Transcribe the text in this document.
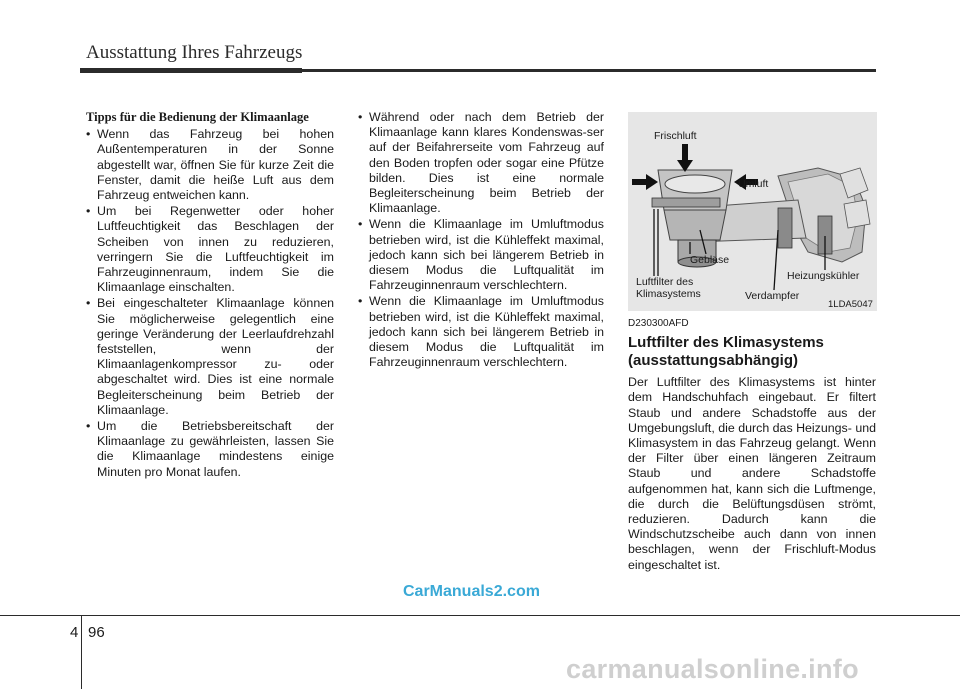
Ausstattung Ihres Fahrzeugs
Tipps für die Bedienung der Klimaanlage
• Wenn das Fahrzeug bei hohen Außentemperaturen in der Sonne abgestellt war, öffnen Sie für kurze Zeit die Fenster, damit die heiße Luft aus dem Fahrzeug entweichen kann.
• Um bei Regenwetter oder hoher Luftfeuchtigkeit das Beschlagen der Scheiben von innen zu reduzieren, verringern Sie die Luftfeuchtigkeit im Fahrzeuginnenraum, indem Sie die Klimaanlage einschalten.
• Bei eingeschalteter Klimaanlage können Sie möglicherweise gelegentlich eine geringe Veränderung der Leerlaufdrehzahl feststellen, wenn der Klimaanlagenkompressor zu- oder abgeschaltet wird. Dies ist eine normale Begleiterscheinung beim Betrieb der Klimaanlage.
• Um die Betriebsbereitschaft der Klimaanlage zu gewährleisten, lassen Sie die Klimaanlage mindestens einige Minuten pro Monat laufen.
• Während oder nach dem Betrieb der Klimaanlage kann klares Kondenswas-ser auf der Beifahrerseite vom Fahrzeug auf den Boden tropfen oder sogar eine Pfütze bilden. Dies ist eine normale Begleiterscheinung beim Betrieb der Klimaanlage.
• Wenn die Klimaanlage im Umluftmodus betrieben wird, ist die Kühleffekt maximal, jedoch kann sich bei längerem Betrieb in diesem Modus die Luftqualität im Fahrzeuginnenraum verschlechtern.
• Wenn die Klimaanlage im Umluftmodus betrieben wird, ist die Kühleffekt maximal, jedoch kann sich bei längerem Betrieb in diesem Modus die Luftqualität im Fahrzeuginnenraum verschlechtern.
Frischluft
Umluft
Gebläse
Luftfilter des
Klimasystems
Heizungskühler
Verdampfer
1LDA5047
D230300AFD
Luftfilter des Klimasystems (ausstattungsabhängig)

Der Luftfilter des Klimasystems ist hinter dem Handschuhfach eingebaut. Er filtert Staub und andere Schadstoffe aus der Umgebungsluft, die durch das Heizungs- und Klimasystem in das Fahrzeug gelangt. Wenn der Filter über einen längeren Zeitraum Staub und andere Schadstoffe aufgenommen hat, kann sich die Luftmenge, die durch die Belüftungsdüsen strömt, reduzieren. Dadurch kann die Windschutzscheibe auch dann von innen beschlagen, wenn der Frischluft-Modus eingeschaltet ist.

CarManuals2.com
carmanualsonline.info
4 96
